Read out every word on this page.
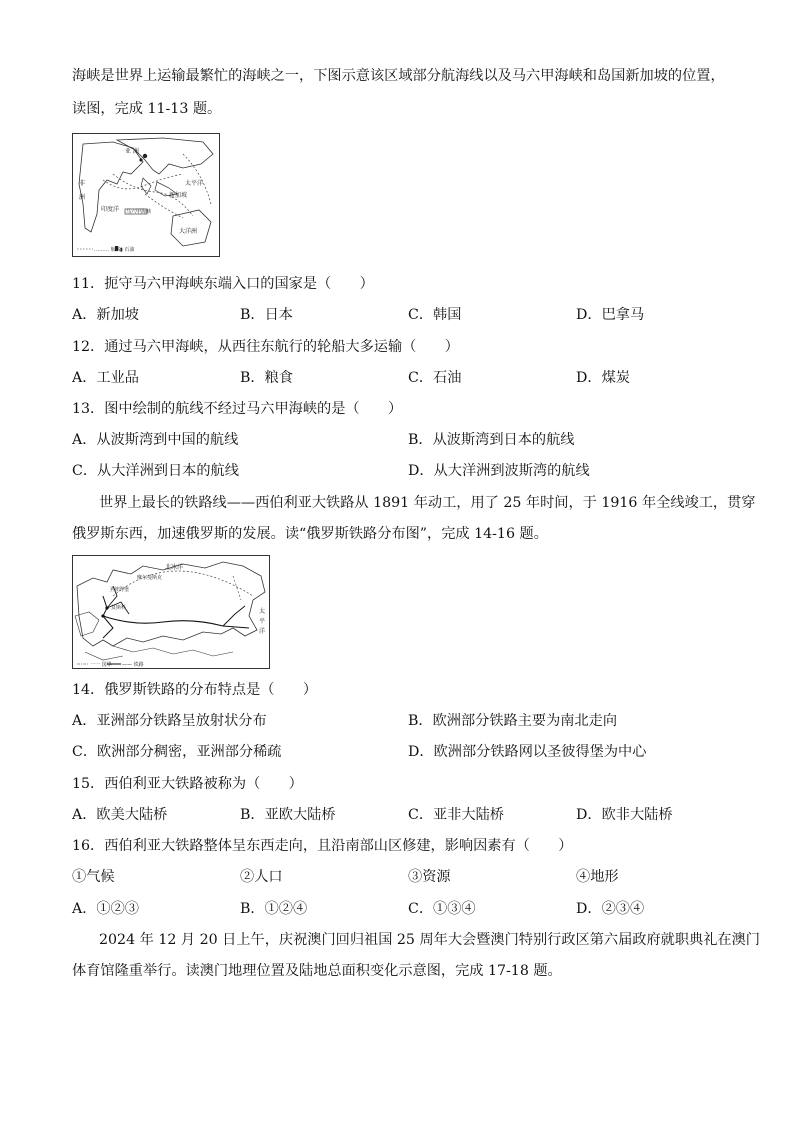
海峡是世界上运输最繁忙的海峡之一，下图示意该区域部分航海线以及马六甲海峡和岛国新加坡的位置，
读图，完成 11-13 题。
亚 洲
非
洲
太平洋
印度洋
新加坡
马六甲海峡
大洋洲
……… 航线 ▮ 石油
11．扼守马六甲海峡东端入口的国家是（　　）
A．新加坡	B．日本	C．韩国	D．巴拿马
12．通过马六甲海峡，从西往东航行的轮船大多运输（　　）
A．工业品	B．粮食	C．石油	D．煤炭
13．图中绘制的航线不经过马六甲海峡的是（　　）
A．从波斯湾到中国的航线	B．从波斯湾到日本的航线
C．从大洋洲到日本的航线	D．从大洋洲到波斯湾的航线
世界上最长的铁路线——西伯利亚大铁路从 1891 年动工，用了 25 年时间，于 1916 年全线竣工，贯穿
俄罗斯东西，加速俄罗斯的发展。读“俄罗斯铁路分布图”，完成 14-16 题。
北冰洋
摩尔曼斯克
圣彼得堡
莫斯科	太
平
洋
一一 国界 —— 铁路
14．俄罗斯铁路的分布特点是（　　）
A．亚洲部分铁路呈放射状分布	B．欧洲部分铁路主要为南北走向
C．欧洲部分稠密，亚洲部分稀疏	D．欧洲部分铁路网以圣彼得堡为中心
15．西伯利亚大铁路被称为（　　）
A．欧美大陆桥	B．亚欧大陆桥	C．亚非大陆桥	D．欧非大陆桥
16．西伯利亚大铁路整体呈东西走向，且沿南部山区修建，影响因素有（　　）
①气候	②人口	③资源	④地形
A．①②③	B．①②④	C．①③④	D．②③④
2024 年 12 月 20 日上午，庆祝澳门回归祖国 25 周年大会暨澳门特别行政区第六届政府就职典礼在澳门
体育馆隆重举行。读澳门地理位置及陆地总面积变化示意图，完成 17-18 题。
